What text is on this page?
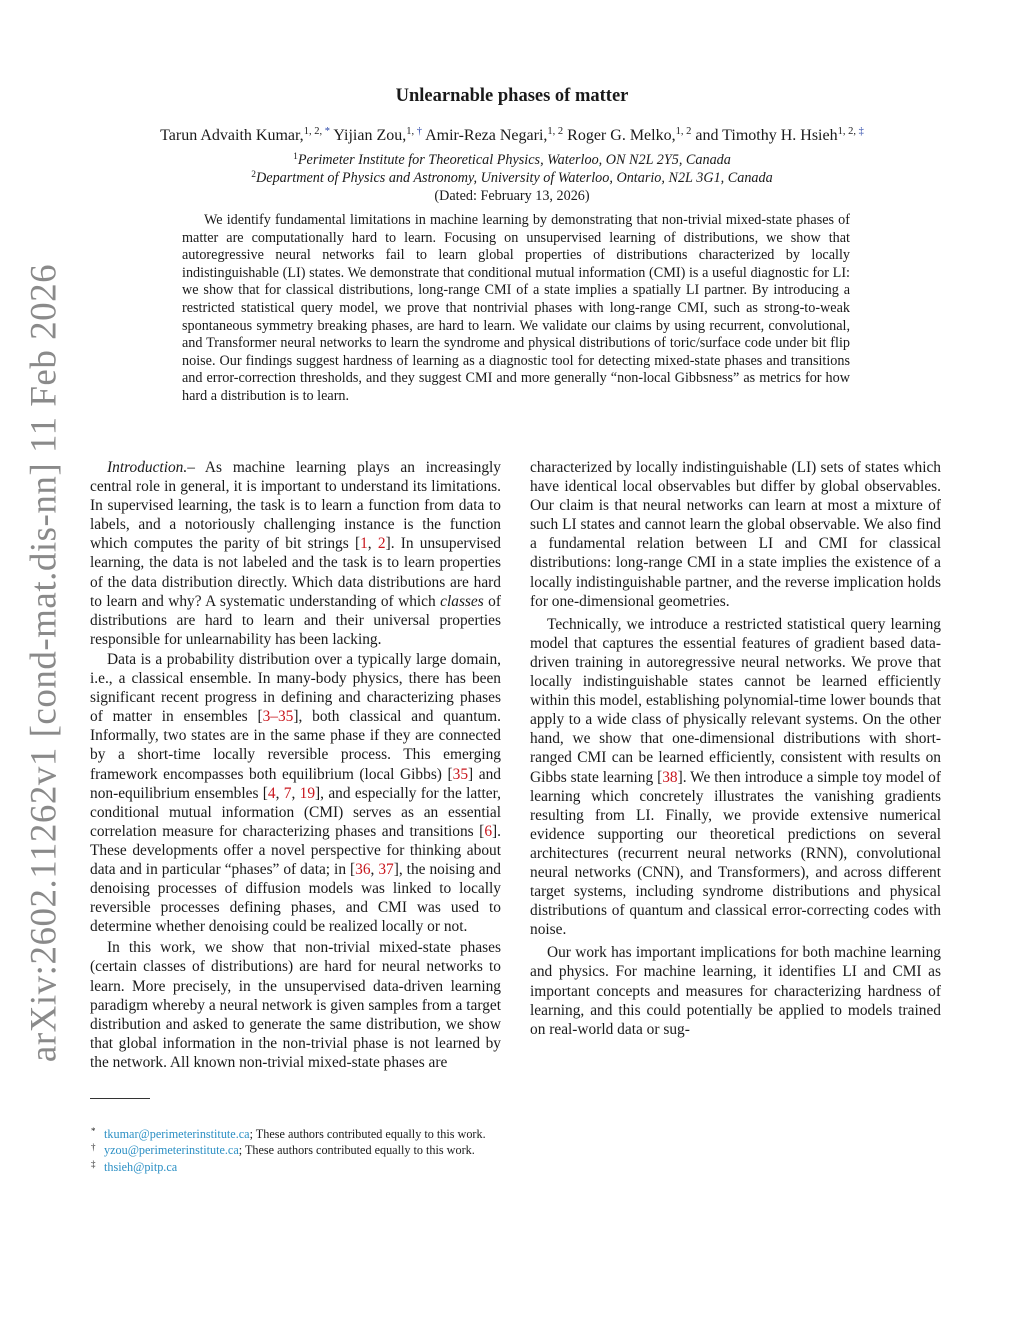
arXiv:2602.11262v1 [cond-mat.dis-nn] 11 Feb 2026
Unlearnable phases of matter
Tarun Advaith Kumar,$^{1, 2, *}$ Yijian Zou,$^{1, \dagger}$ Amir-Reza Negari,$^{1, 2}$ Roger G. Melko,$^{1, 2}$ and Timothy H. Hsieh$^{1, 2, \ddagger}$
$^1$Perimeter Institute for Theoretical Physics, Waterloo, ON N2L 2Y5, Canada
$^2$Department of Physics and Astronomy, University of Waterloo, Ontario, N2L 3G1, Canada
(Dated: February 13, 2026)

We identify fundamental limitations in machine learning by demonstrating that non-trivial mixed-state phases of matter are computationally hard to learn. Focusing on unsupervised learning of distributions, we show that autoregressive neural networks fail to learn global properties of distributions characterized by locally indistinguishable (LI) states. We demonstrate that conditional mutual information (CMI) is a useful diagnostic for LI: we show that for classical distributions, long-range CMI of a state implies a spatially LI partner. By introducing a restricted statistical query model, we prove that nontrivial phases with long-range CMI, such as strong-to-weak spontaneous symmetry breaking phases, are hard to learn. We validate our claims by using recurrent, convolutional, and Transformer neural networks to learn the syndrome and physical distributions of toric/surface code under bit flip noise. Our findings suggest hardness of learning as a diagnostic tool for detecting mixed-state phases and transitions and error-correction thresholds, and they suggest CMI and more generally “non-local Gibbsness” as metrics for how hard a distribution is to learn.

Introduction.– As machine learning plays an increasingly central role in general, it is important to understand its limitations. In supervised learning, the task is to learn a function from data to labels, and a notoriously challenging instance is the function which computes the parity of bit strings [1, 2]. In unsupervised learning, the data is not labeled and the task is to learn properties of the data distribution directly. Which data distributions are hard to learn and why? A systematic understanding of which classes of distributions are hard to learn and their universal properties responsible for unlearnability has been lacking.

Data is a probability distribution over a typically large domain, i.e., a classical ensemble. In many-body physics, there has been significant recent progress in defining and characterizing phases of matter in ensembles [3–35], both classical and quantum. Informally, two states are in the same phase if they are connected by a short-time locally reversible process. This emerging framework encompasses both equilibrium (local Gibbs) [35] and non-equilibrium ensembles [4, 7, 19], and especially for the latter, conditional mutual information (CMI) serves as an essential correlation measure for characterizing phases and transitions [6]. These developments offer a novel perspective for thinking about data and in particular “phases” of data; in [36, 37], the noising and denoising processes of diffusion models was linked to locally reversible processes defining phases, and CMI was used to determine whether denoising could be realized locally or not.

In this work, we show that non-trivial mixed-state phases (certain classes of distributions) are hard for neural networks to learn. More precisely, in the unsupervised data-driven learning paradigm whereby a neural network is given samples from a target distribution and asked to generate the same distribution, we show that global information in the non-trivial phase is not learned by the network. All known non-trivial mixed-state phases are

characterized by locally indistinguishable (LI) sets of states which have identical local observables but differ by global observables. Our claim is that neural networks can learn at most a mixture of such LI states and cannot learn the global observable. We also find a fundamental relation between LI and CMI for classical distributions: long-range CMI in a state implies the existence of a locally indistinguishable partner, and the reverse implication holds for one-dimensional geometries.

Technically, we introduce a restricted statistical query learning model that captures the essential features of gradient based data-driven training in autoregressive neural networks. We prove that locally indistinguishable states cannot be learned efficiently within this model, establishing polynomial-time lower bounds that apply to a wide class of physically relevant systems. On the other hand, we show that one-dimensional distributions with short-ranged CMI can be learned efficiently, consistent with results on Gibbs state learning [38]. We then introduce a simple toy model of learning which concretely illustrates the vanishing gradients resulting from LI. Finally, we provide extensive numerical evidence supporting our theoretical predictions on several architectures (recurrent neural networks (RNN), convolutional neural networks (CNN), and Transformers), and across different target systems, including syndrome distributions and physical distributions of quantum and classical error-correcting codes with noise.

Our work has important implications for both machine learning and physics. For machine learning, it identifies LI and CMI as important concepts and measures for characterizing hardness of learning, and this could potentially be applied to models trained on real-world data or sug-

* tkumar@perimeterinstitute.ca; These authors contributed equally to this work.
† yzou@perimeterinstitute.ca; These authors contributed equally to this work.
‡ thsieh@pitp.ca
